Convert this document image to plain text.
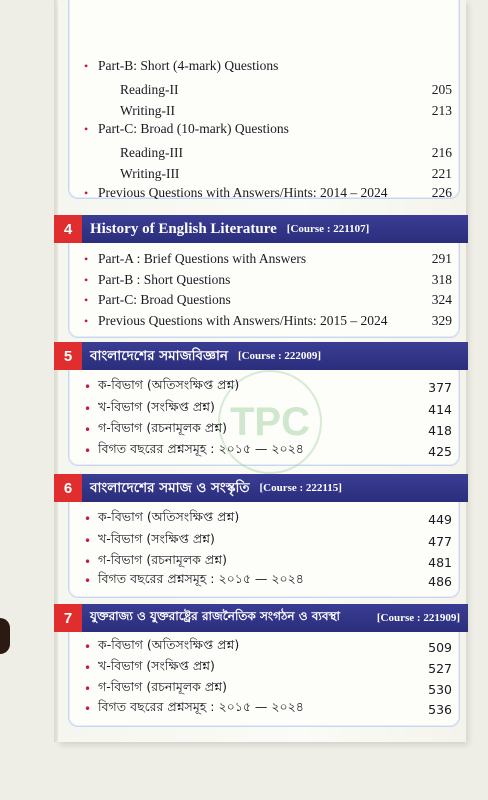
TPC
• Part-B: Short (4-mark) Questions
Reading-II	205
Writing-II	213
• Part-C: Broad (10-mark) Questions
Reading-III	216
Writing-III	221
• Previous Questions with Answers/Hints: 2014 – 2024	226
4	History of English Literature [Course : 221107]
• Part-A : Brief Questions with Answers	291
• Part-B : Short Questions	318
• Part-C: Broad Questions	324
• Previous Questions with Answers/Hints: 2015 – 2024	329
5	বাংলাদেশের সমাজবিজ্ঞান [Course : 222009]
• ক-বিভাগ (অতিসংক্ষিপ্ত প্রশ্ন)	377
• খ-বিভাগ (সংক্ষিপ্ত প্রশ্ন)	414
• গ-বিভাগ (রচনামূলক প্রশ্ন)	418
• বিগত বছরের প্রশ্নসমূহ : ২০১৫ — ২০২৪	425
6	বাংলাদেশের সমাজ ও সংস্কৃতি [Course : 222115]
• ক-বিভাগ (অতিসংক্ষিপ্ত প্রশ্ন)	449
• খ-বিভাগ (সংক্ষিপ্ত প্রশ্ন)	477
• গ-বিভাগ (রচনামূলক প্রশ্ন)	481
• বিগত বছরের প্রশ্নসমূহ : ২০১৫ — ২০২৪	486
7	যুক্তরাজ্য ও যুক্তরাষ্ট্রের রাজনৈতিক সংগঠন ও ব্যবস্থা	[Course : 221909]
• ক-বিভাগ (অতিসংক্ষিপ্ত প্রশ্ন)	509
• খ-বিভাগ (সংক্ষিপ্ত প্রশ্ন)	527
• গ-বিভাগ (রচনামূলক প্রশ্ন)	530
• বিগত বছরের প্রশ্নসমূহ : ২০১৫ — ২০২৪	536
